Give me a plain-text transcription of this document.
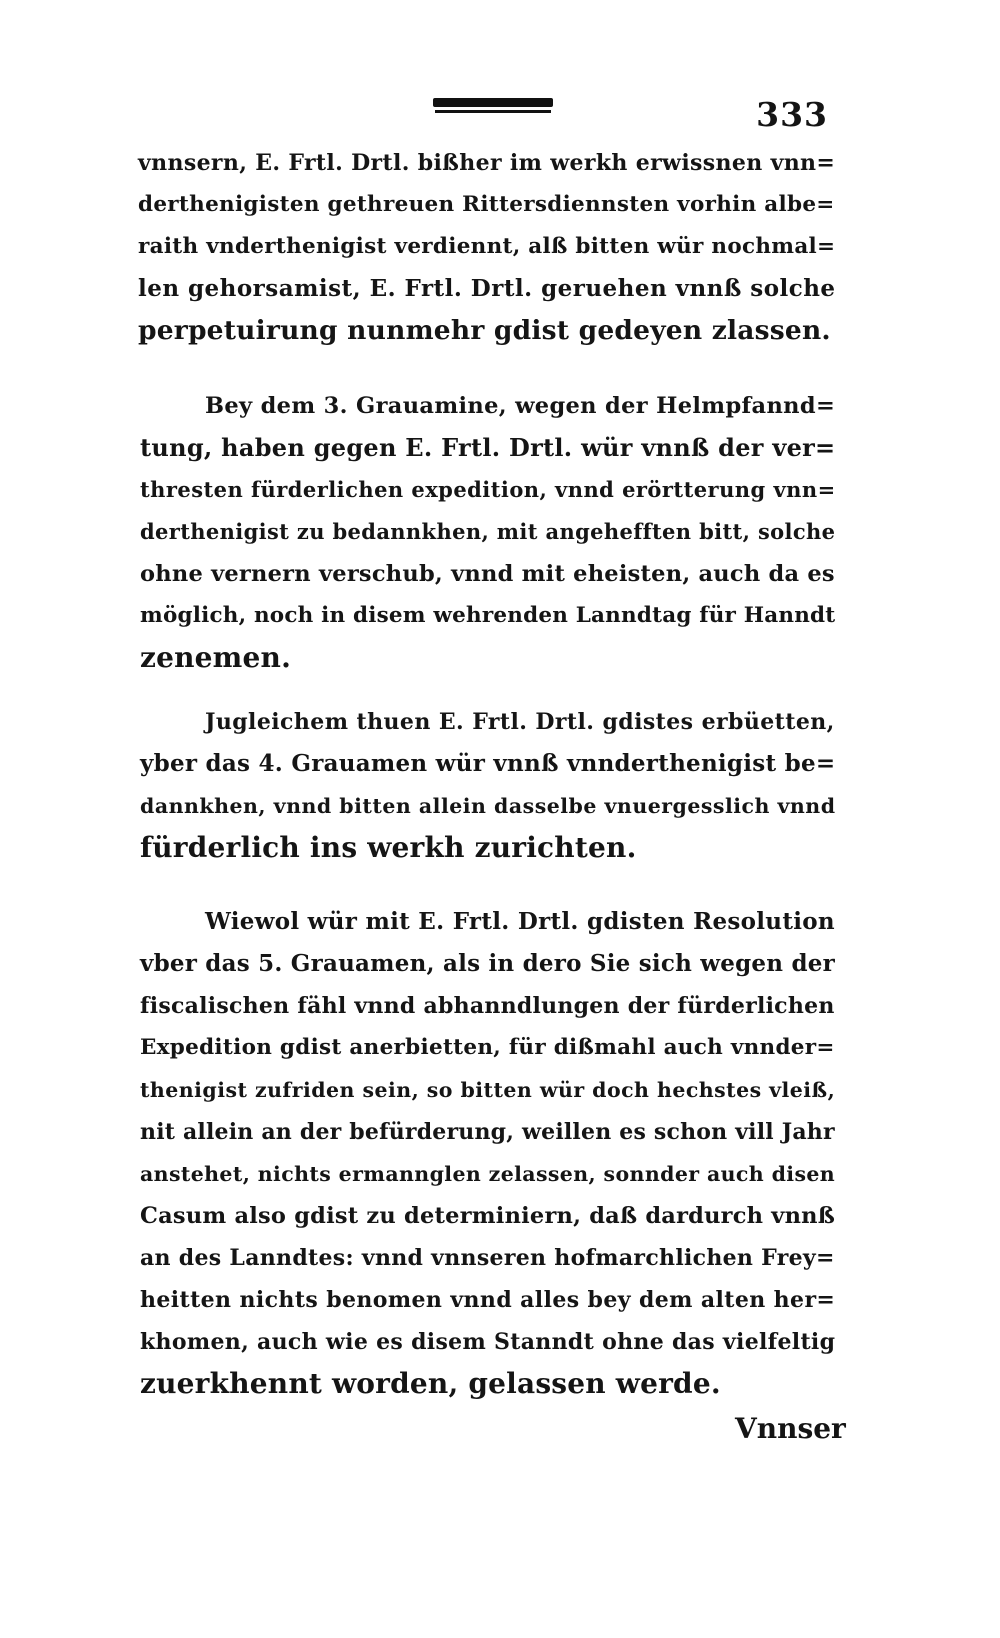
333
vnnsern, E. Frtl. Drtl. bißher im werkh erwissnen vnn=
derthenigisten gethreuen Rittersdiennsten vorhin albe=
raith vnderthenigist verdiennt, alß bitten wür nochmal=
len gehorsamist, E. Frtl. Drtl. geruehen vnnß solche
perpetuirung nunmehr gdist gedeyen zlassen.
Bey dem 3. Grauamine, wegen der Helmpfannd=
tung, haben gegen E. Frtl. Drtl. wür vnnß der ver=
thresten fürderlichen expedition, vnnd erörtterung vnn=
derthenigist zu bedannkhen, mit angehefften bitt, solche
ohne vernern verschub, vnnd mit eheisten, auch da es
möglich, noch in disem wehrenden Lanndtag für Hanndt
zenemen.
Jugleichem thuen E. Frtl. Drtl. gdistes erbüetten,
yber das 4. Grauamen wür vnnß vnnderthenigist be=
dannkhen, vnnd bitten allein dasselbe vnuergesslich vnnd
fürderlich ins werkh zurichten.
Wiewol wür mit E. Frtl. Drtl. gdisten Resolution
vber das 5. Grauamen, als in dero Sie sich wegen der
fiscalischen fähl vnnd abhanndlungen der fürderlichen
Expedition gdist anerbietten, für dißmahl auch vnnder=
thenigist zufriden sein, so bitten wür doch hechstes vleiß,
nit allein an der befürderung, weillen es schon vill Jahr
anstehet, nichts ermannglen zelassen, sonnder auch disen
Casum also gdist zu determiniern, daß dardurch vnnß
an des Lanndtes: vnnd vnnseren hofmarchlichen Frey=
heitten nichts benomen vnnd alles bey dem alten her=
khomen, auch wie es disem Stanndt ohne das vielfeltig
zuerkhennt worden, gelassen werde.
Vnnser
